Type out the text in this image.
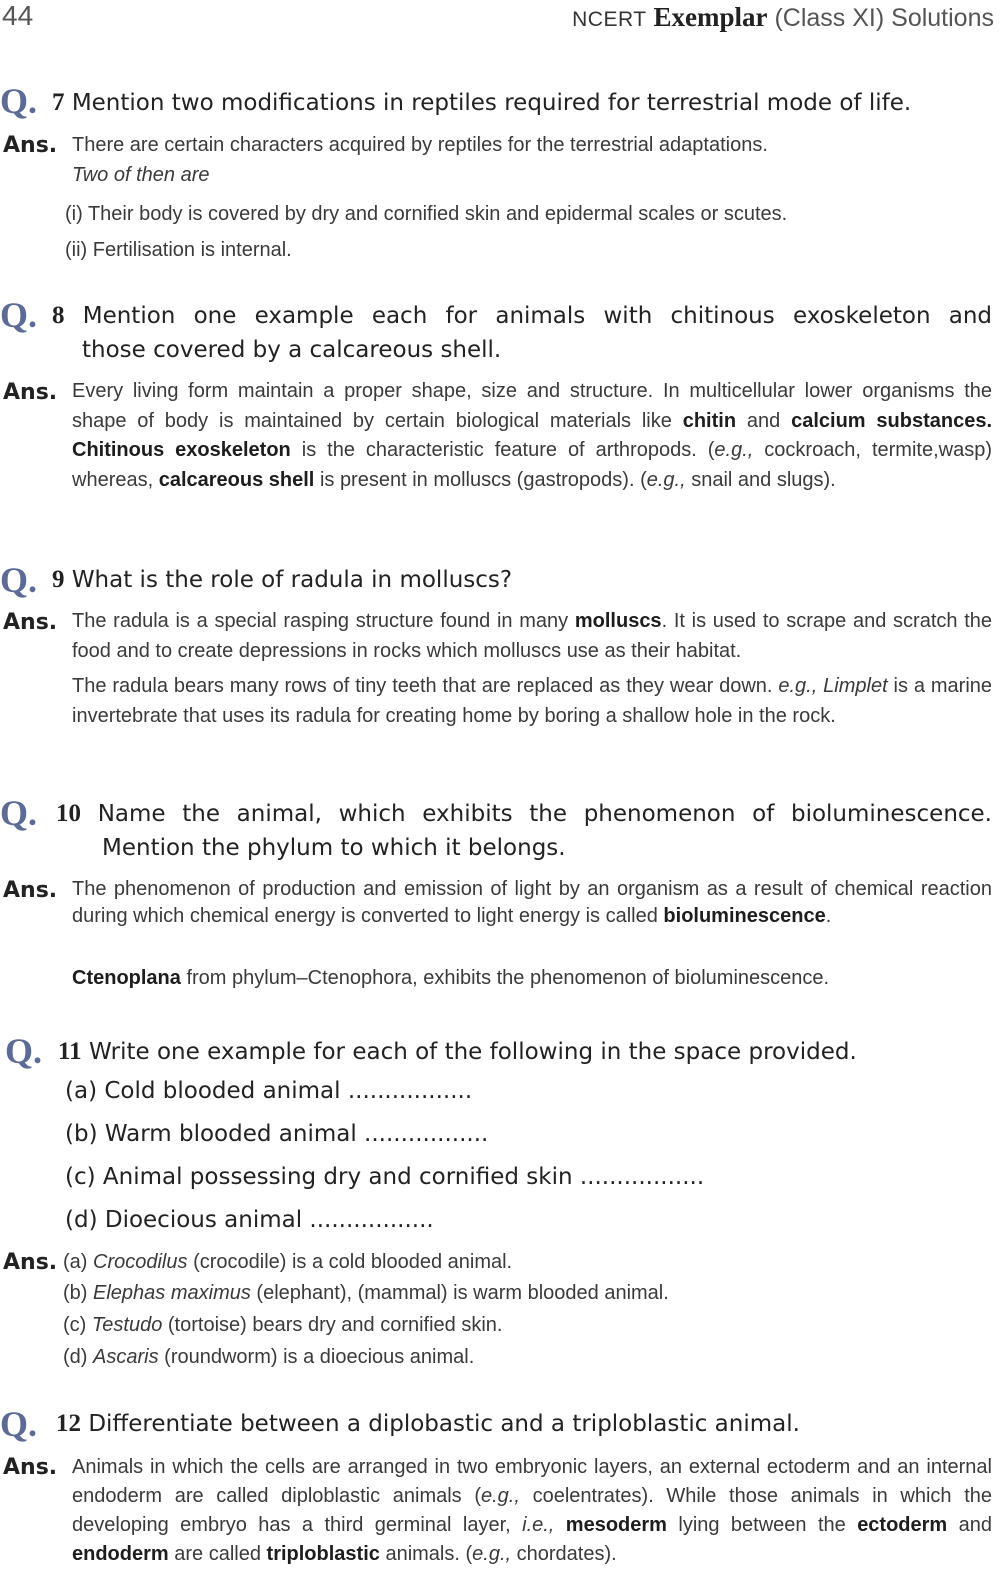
44	NCERT Exemplar (Class XI) Solutions
Q. 7 Mention two modifications in reptiles required for terrestrial mode of life.
Ans. There are certain characters acquired by reptiles for the terrestrial adaptations.
Two of then are
(i) Their body is covered by dry and cornified skin and epidermal scales or scutes.
(ii) Fertilisation is internal.
Q. 8 Mention one example each for animals with chitinous exoskeleton and
those covered by a calcareous shell.
Ans. Every living form maintain a proper shape, size and structure. In multicellular lower organisms the shape of body is maintained by certain biological materials like chitin and calcium substances. Chitinous exoskeleton is the characteristic feature of arthropods. (e.g., cockroach, termite,wasp) whereas, calcareous shell is present in molluscs (gastropods). (e.g., snail and slugs).
Q. 9 What is the role of radula in molluscs?
Ans. The radula is a special rasping structure found in many molluscs. It is used to scrape and scratch the food and to create depressions in rocks which molluscs use as their habitat.
The radula bears many rows of tiny teeth that are replaced as they wear down. e.g., Limplet is a marine invertebrate that uses its radula for creating home by boring a shallow hole in the rock.
Q. 10 Name the animal, which exhibits the phenomenon of bioluminescence.
Mention the phylum to which it belongs.
Ans. The phenomenon of production and emission of light by an organism as a result of chemical reaction during which chemical energy is converted to light energy is called bioluminescence.
Ctenoplana from phylum–Ctenophora, exhibits the phenomenon of bioluminescence.
Q. 11 Write one example for each of the following in the space provided.
(a) Cold blooded animal .................
(b) Warm blooded animal .................
(c) Animal possessing dry and cornified skin .................
(d) Dioecious animal .................
Ans. (a) Crocodilus (crocodile) is a cold blooded animal.
(b) Elephas maximus (elephant), (mammal) is warm blooded animal.
(c) Testudo (tortoise) bears dry and cornified skin.
(d) Ascaris (roundworm) is a dioecious animal.
Q. 12 Differentiate between a diplobastic and a triploblastic animal.
Ans. Animals in which the cells are arranged in two embryonic layers, an external ectoderm and an internal endoderm are called diploblastic animals (e.g., coelentrates). While those animals in which the developing embryo has a third germinal layer, i.e., mesoderm lying between the ectoderm and endoderm are called triploblastic animals. (e.g., chordates).
